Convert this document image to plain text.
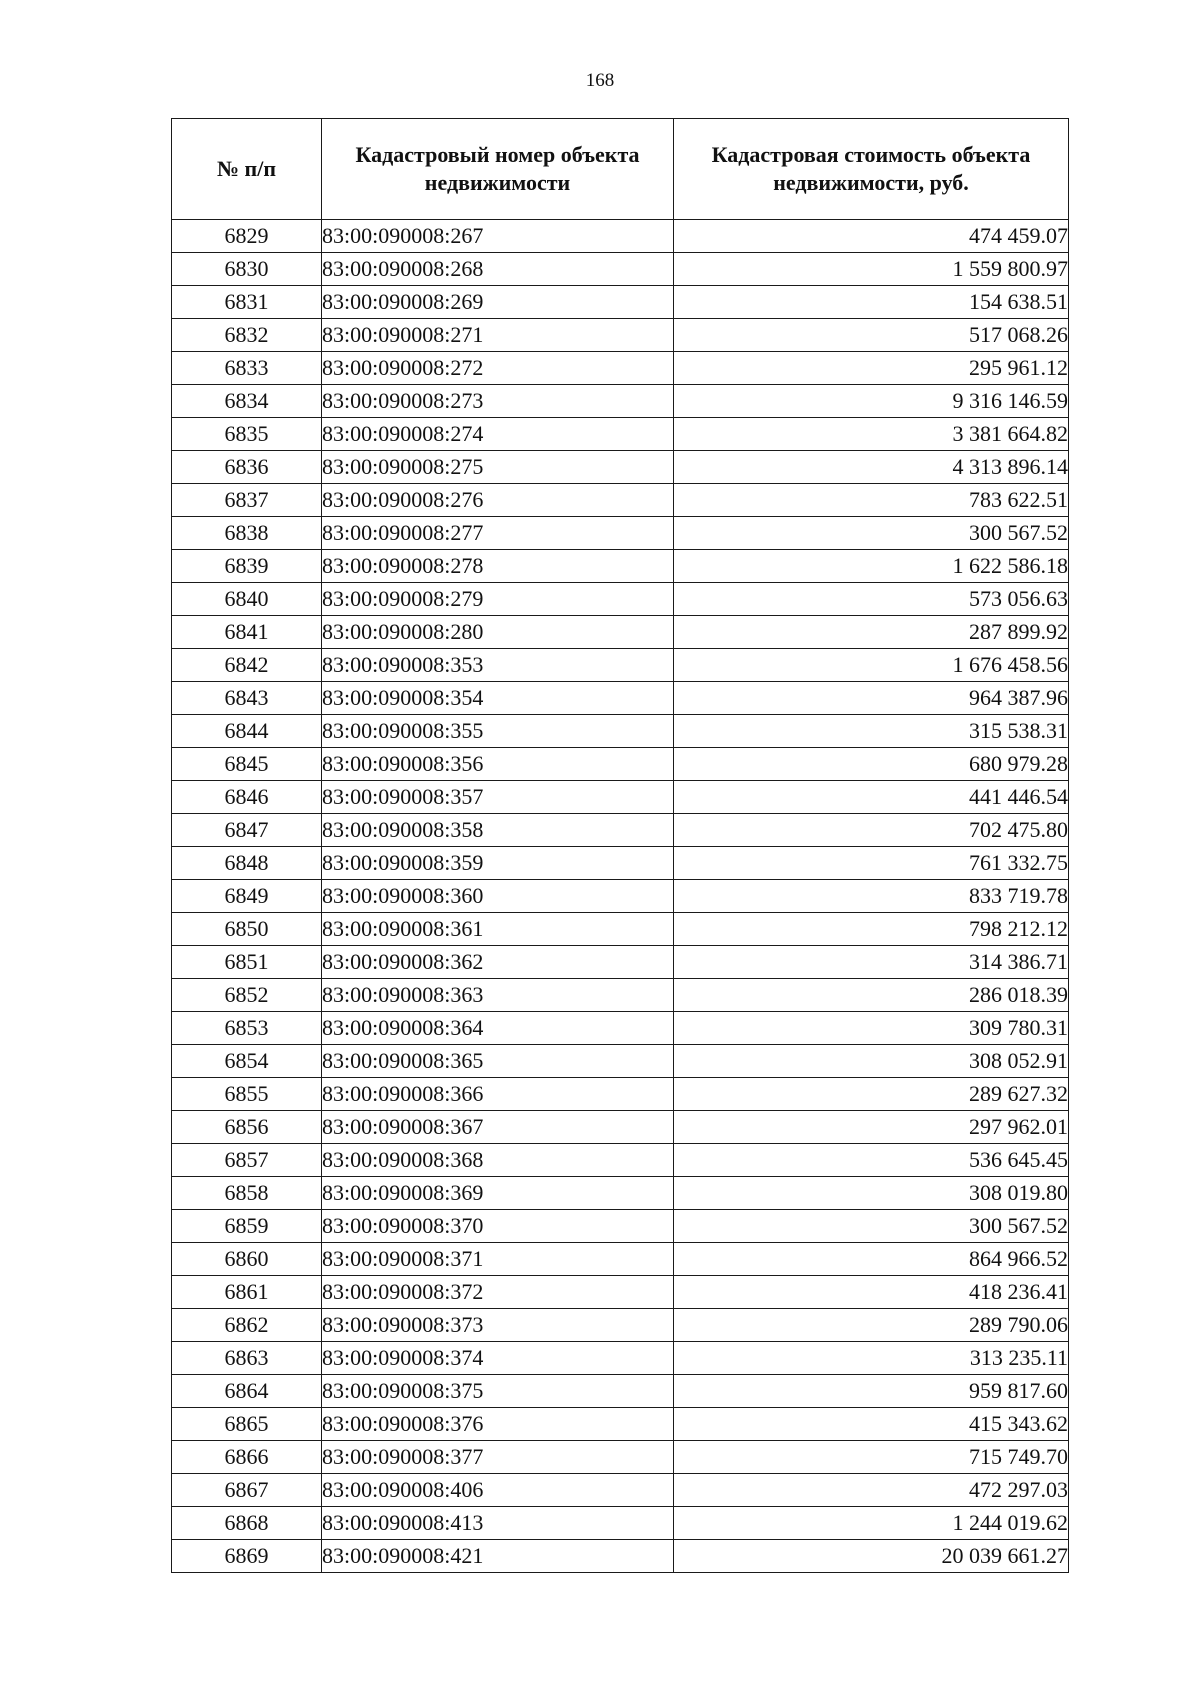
168
№ п/п	Кадастровый номер объекта недвижимости	Кадастровая стоимость объекта недвижимости, руб.
6829	83:00:090008:267	474 459.07
6830	83:00:090008:268	1 559 800.97
6831	83:00:090008:269	154 638.51
6832	83:00:090008:271	517 068.26
6833	83:00:090008:272	295 961.12
6834	83:00:090008:273	9 316 146.59
6835	83:00:090008:274	3 381 664.82
6836	83:00:090008:275	4 313 896.14
6837	83:00:090008:276	783 622.51
6838	83:00:090008:277	300 567.52
6839	83:00:090008:278	1 622 586.18
6840	83:00:090008:279	573 056.63
6841	83:00:090008:280	287 899.92
6842	83:00:090008:353	1 676 458.56
6843	83:00:090008:354	964 387.96
6844	83:00:090008:355	315 538.31
6845	83:00:090008:356	680 979.28
6846	83:00:090008:357	441 446.54
6847	83:00:090008:358	702 475.80
6848	83:00:090008:359	761 332.75
6849	83:00:090008:360	833 719.78
6850	83:00:090008:361	798 212.12
6851	83:00:090008:362	314 386.71
6852	83:00:090008:363	286 018.39
6853	83:00:090008:364	309 780.31
6854	83:00:090008:365	308 052.91
6855	83:00:090008:366	289 627.32
6856	83:00:090008:367	297 962.01
6857	83:00:090008:368	536 645.45
6858	83:00:090008:369	308 019.80
6859	83:00:090008:370	300 567.52
6860	83:00:090008:371	864 966.52
6861	83:00:090008:372	418 236.41
6862	83:00:090008:373	289 790.06
6863	83:00:090008:374	313 235.11
6864	83:00:090008:375	959 817.60
6865	83:00:090008:376	415 343.62
6866	83:00:090008:377	715 749.70
6867	83:00:090008:406	472 297.03
6868	83:00:090008:413	1 244 019.62
6869	83:00:090008:421	20 039 661.27
